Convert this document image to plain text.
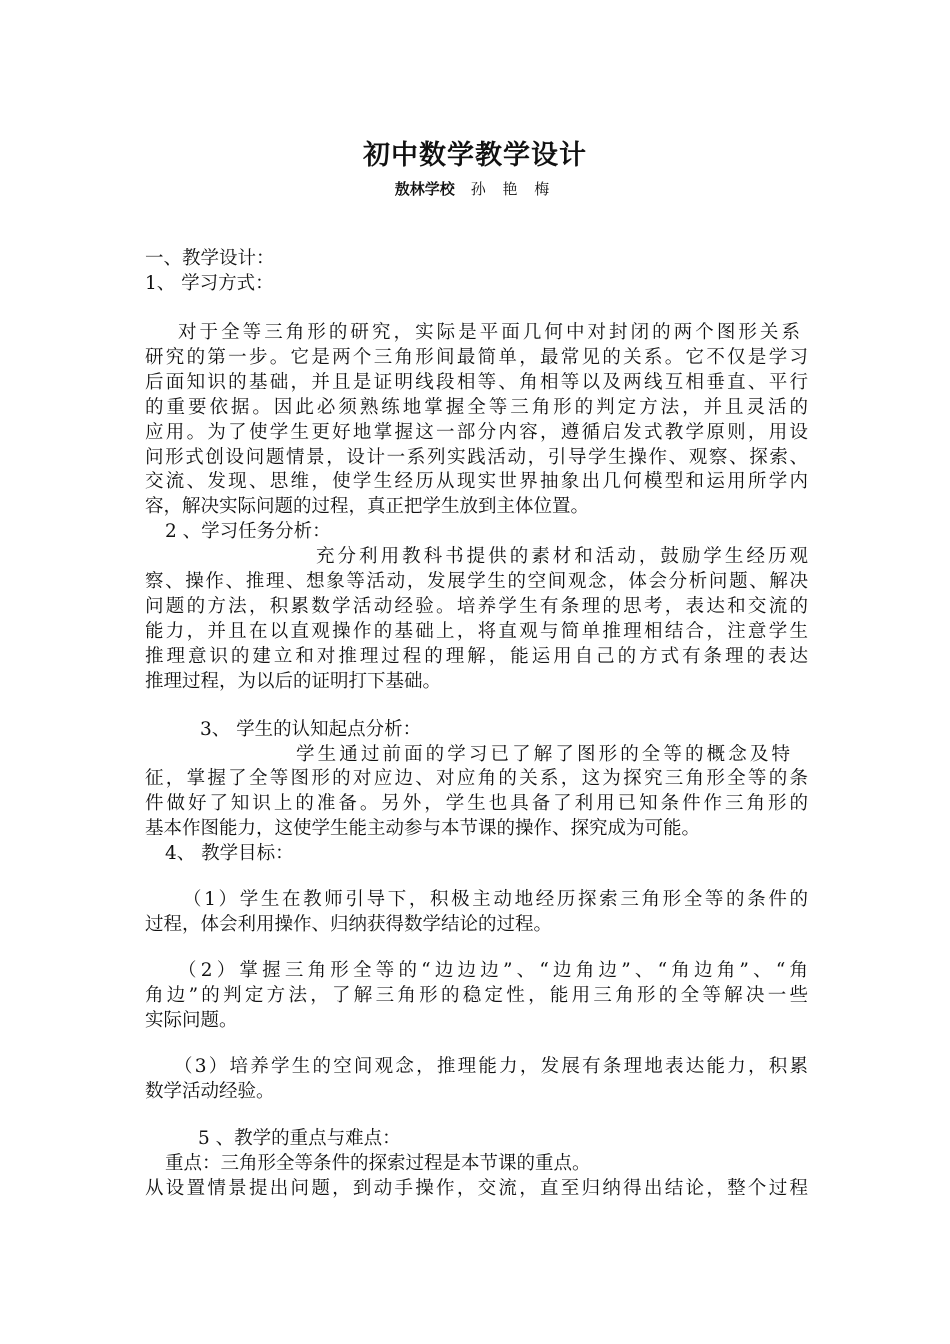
初中数学教学设计
敖林学校 孙 艳 梅
一、教学设计：
1、 学习方式：
对于全等三角形的研究，实际是平面几何中对封闭的两个图形关系
研究的第一步。它是两个三角形间最简单，最常见的关系。它不仅是学习
后面知识的基础，并且是证明线段相等、角相等以及两线互相垂直、平行
的重要依据。因此必须熟练地掌握全等三角形的判定方法，并且灵活的
应用。为了使学生更好地掌握这一部分内容，遵循启发式教学原则，用设
问形式创设问题情景，设计一系列实践活动，引导学生操作、观察、探索、
交流、发现、思维，使学生经历从现实世界抽象出几何模型和运用所学内
容，解决实际问题的过程，真正把学生放到主体位置。
2 、学习任务分析：
充分利用教科书提供的素材和活动，鼓励学生经历观
察、操作、推理、想象等活动，发展学生的空间观念，体会分析问题、解决
问题的方法，积累数学活动经验。培养学生有条理的思考，表达和交流的
能力，并且在以直观操作的基础上，将直观与简单推理相结合，注意学生
推理意识的建立和对推理过程的理解，能运用自己的方式有条理的表达
推理过程，为以后的证明打下基础。
3、 学生的认知起点分析：
学生通过前面的学习已了解了图形的全等的概念及特
征，掌握了全等图形的对应边、对应角的关系，这为探究三角形全等的条
件做好了知识上的准备。另外，学生也具备了利用已知条件作三角形的
基本作图能力，这使学生能主动参与本节课的操作、探究成为可能。
4、 教学目标：
（1）学生在教师引导下，积极主动地经历探索三角形全等的条件的
过程，体会利用操作、归纳获得数学结论的过程。
（2）掌握三角形全等的“边边边”、“边角边”、“角边角”、“角
角边”的判定方法，了解三角形的稳定性，能用三角形的全等解决一些
实际问题。
（3）培养学生的空间观念，推理能力，发展有条理地表达能力，积累
数学活动经验。
5 、教学的重点与难点：
重点：三角形全等条件的探索过程是本节课的重点。
从设置情景提出问题，到动手操作，交流，直至归纳得出结论，整个过程
